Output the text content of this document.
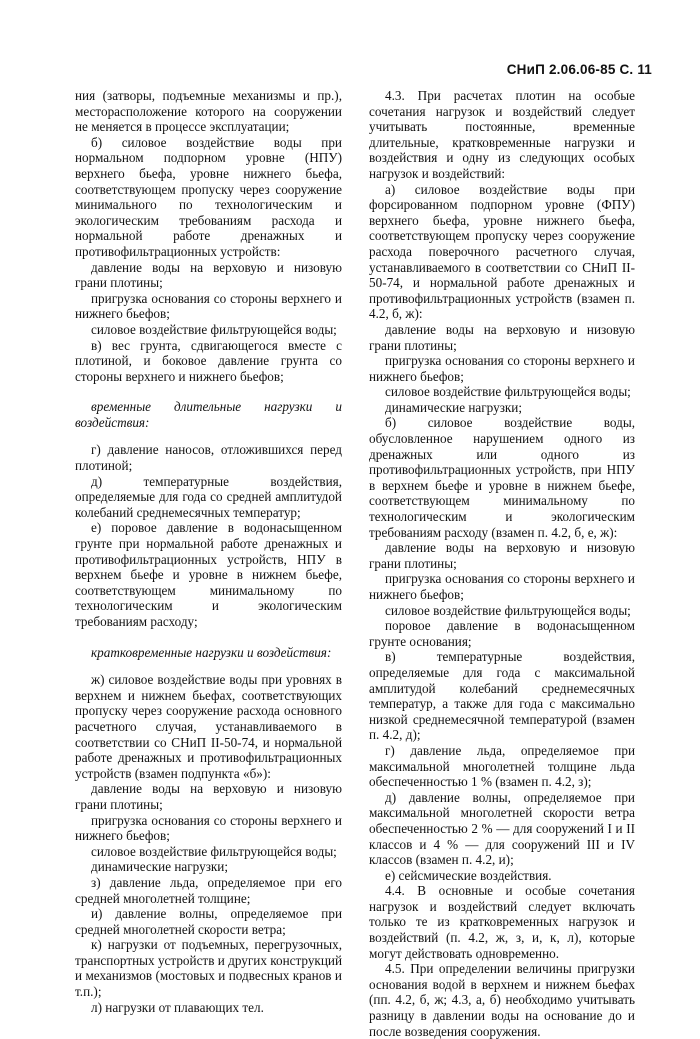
СНиП 2.06.06-85 С. 11

ния (затворы, подъемные механизмы и пр.), месторасположение которого на сооружении не меняется в процессе эксплуатации;

б) силовое воздействие воды при нормальном подпорном уровне (НПУ) верхнего бьефа, уровне нижнего бьефа, соответствующем пропуску через сооружение минимального по технологическим и экологическим требованиям расхода и нормальной работе дренажных и противофильтрационных устройств:

давление воды на верховую и низовую грани плотины;

пригрузка основания со стороны верхнего и нижнего бьефов;

силовое воздействие фильтрующейся воды;

в) вес грунта, сдвигающегося вместе с плотиной, и боковое давление грунта со стороны верхнего и нижнего бьефов;

временные длительные нагрузки и воздействия:

г) давление наносов, отложившихся перед плотиной;

д) температурные воздействия, определяемые для года со средней амплитудой колебаний среднемесячных температур;

е) поровое давление в водонасыщенном грунте при нормальной работе дренажных и противофильтрационных устройств, НПУ в верхнем бьефе и уровне в нижнем бьефе, соответствующем минимальному по технологическим и экологическим требованиям расходу;

кратковременные нагрузки и воздействия:

ж) силовое воздействие воды при уровнях в верхнем и нижнем бьефах, соответствующих пропуску через сооружение расхода основного расчетного случая, устанавливаемого в соответствии со СНиП II-50-74, и нормальной работе дренажных и противофильтрационных устройств (взамен подпункта «б»):

давление воды на верховую и низовую грани плотины;

пригрузка основания со стороны верхнего и нижнего бьефов;

силовое воздействие фильтрующейся воды;

динамические нагрузки;

з) давление льда, определяемое при его средней многолетней толщине;

и) давление волны, определяемое при средней многолетней скорости ветра;

к) нагрузки от подъемных, перегрузочных, транспортных устройств и других конструкций и механизмов (мостовых и подвесных кранов и т.п.);

л) нагрузки от плавающих тел.

4.3. При расчетах плотин на особые сочетания нагрузок и воздействий следует учитывать постоянные, временные длительные, кратковременные нагрузки и воздействия и одну из следующих особых нагрузок и воздействий:

а) силовое воздействие воды при форсированном подпорном уровне (ФПУ) верхнего бьефа, уровне нижнего бьефа, соответствующем пропуску через сооружение расхода поверочного расчетного случая, устанавливаемого в соответствии со СНиП II-50-74, и нормальной работе дренажных и противофильтрационных устройств (взамен п. 4.2, б, ж):

давление воды на верховую и низовую грани плотины;

пригрузка основания со стороны верхнего и нижнего бьефов;

силовое воздействие фильтрующейся воды;

динамические нагрузки;

б) силовое воздействие воды, обусловленное нарушением одного из дренажных или одного из противофильтрационных устройств, при НПУ в верхнем бьефе и уровне в нижнем бьефе, соответствующем минимальному по технологическим и экологическим требованиям расходу (взамен п. 4.2, б, е, ж):

давление воды на верховую и низовую грани плотины;

пригрузка основания со стороны верхнего и нижнего бьефов;

силовое воздействие фильтрующейся воды;

поровое давление в водонасыщенном грунте основания;

в) температурные воздействия, определяемые для года с максимальной амплитудой колебаний среднемесячных температур, а также для года с максимально низкой среднемесячной температурой (взамен п. 4.2, д);

г) давление льда, определяемое при максимальной многолетней толщине льда обеспеченностью 1 % (взамен п. 4.2, з);

д) давление волны, определяемое при максимальной многолетней скорости ветра обеспеченностью 2 % — для сооружений I и II классов и 4 % — для сооружений III и IV классов (взамен п. 4.2, и);

е) сейсмические воздействия.

4.4. В основные и особые сочетания нагрузок и воздействий следует включать только те из кратковременных нагрузок и воздействий (п. 4.2, ж, з, и, к, л), которые могут действовать одновременно.

4.5. При определении величины пригрузки основания водой в верхнем и нижнем бьефах (пп. 4.2, б, ж; 4.3, а, б) необходимо учитывать разницу в давлении воды на основание до и после возведения сооружения.
